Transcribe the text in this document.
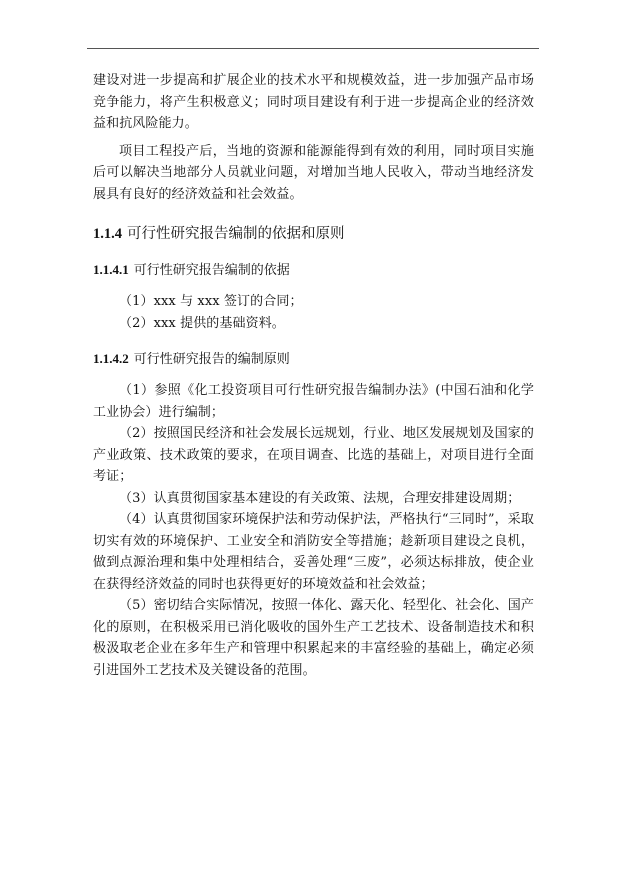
建设对进一步提高和扩展企业的技术水平和规模效益，进一步加强产品市场竞争能力，将产生积极意义；同时项目建设有利于进一步提高企业的经济效益和抗风险能力。

项目工程投产后，当地的资源和能源能得到有效的利用，同时项目实施后可以解决当地部分人员就业问题，对增加当地人民收入，带动当地经济发展具有良好的经济效益和社会效益。

1.1.4 可行性研究报告编制的依据和原则
1.1.4.1 可行性研究报告编制的依据

（1）xxx 与 xxx 签订的合同；

（2）xxx 提供的基础资料。

1.1.4.2 可行性研究报告的编制原则

（1）参照《化工投资项目可行性研究报告编制办法》(中国石油和化学工业协会）进行编制；

（2）按照国民经济和社会发展长远规划，行业、地区发展规划及国家的产业政策、技术政策的要求，在项目调查、比选的基础上，对项目进行全面考证；

（3）认真贯彻国家基本建设的有关政策、法规，合理安排建设周期；

（4）认真贯彻国家环境保护法和劳动保护法，严格执行“三同时”，采取切实有效的环境保护、工业安全和消防安全等措施；趁新项目建设之良机，做到点源治理和集中处理相结合，妥善处理“三废”，必须达标排放，使企业在获得经济效益的同时也获得更好的环境效益和社会效益；

（5）密切结合实际情况，按照一体化、露天化、轻型化、社会化、国产化的原则，在积极采用已消化吸收的国外生产工艺技术、设备制造技术和积极汲取老企业在多年生产和管理中积累起来的丰富经验的基础上，确定必须引进国外工艺技术及关键设备的范围。
